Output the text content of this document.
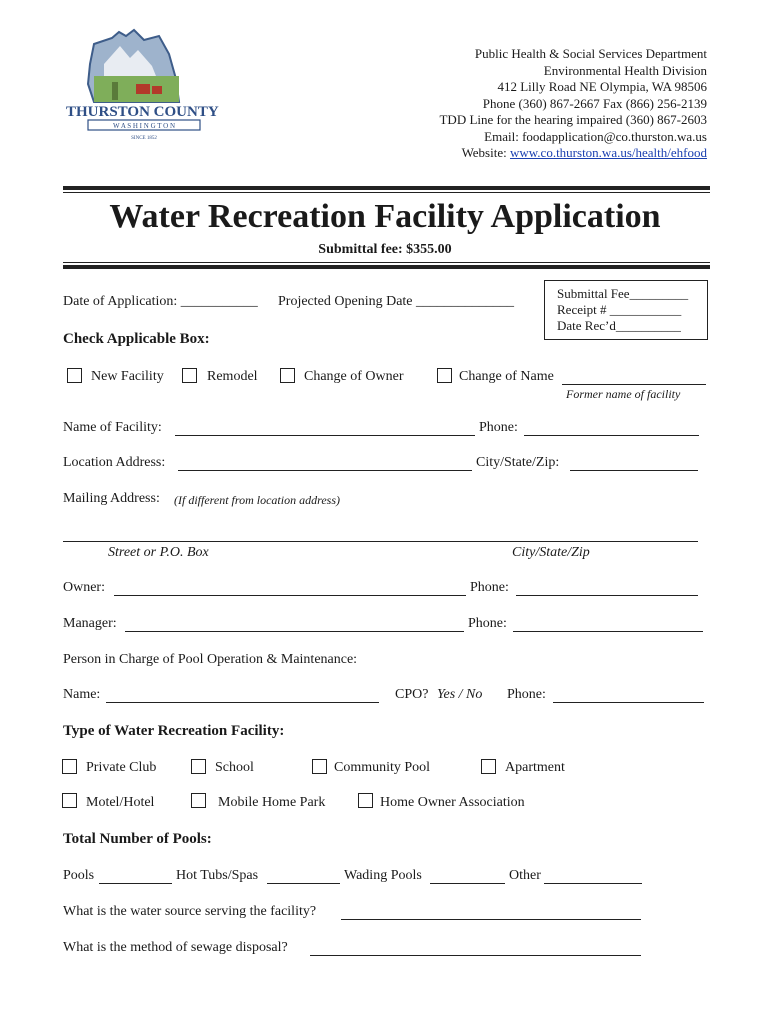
THURSTON COUNTY
W A S H I N G T O N
SINCE 1852
Public Health & Social Services Department
Environmental Health Division
412 Lilly Road NE Olympia, WA 98506
Phone (360) 867-2667 Fax (866) 256-2139
TDD Line for the hearing impaired (360) 867-2603
Email: foodapplication@co.thurston.wa.us
Website: www.co.thurston.wa.us/health/ehfood
Water Recreation Facility Application
Submittal fee: $355.00
Submittal Fee_________
Receipt # ___________
Date Rec’d__________
Date of Application: ___________ Projected Opening Date ______________
Check Applicable Box:
New Facility	Remodel	Change of Owner	Change of Name
Former name of facility
Name of Facility:	Phone:
Location Address:	City/State/Zip:
Mailing Address: (If different from location address)
Street or P.O. Box	City/State/Zip
Owner:	Phone:
Manager:	Phone:
Person in Charge of Pool Operation & Maintenance:
Name:	CPO? Yes / No Phone:
Type of Water Recreation Facility:
Private Club	School	Community Pool	Apartment
Motel/Hotel	Mobile Home Park	Home Owner Association
Total Number of Pools:
Pools	Hot Tubs/Spas	Wading Pools	Other
What is the water source serving the facility?
What is the method of sewage disposal?
